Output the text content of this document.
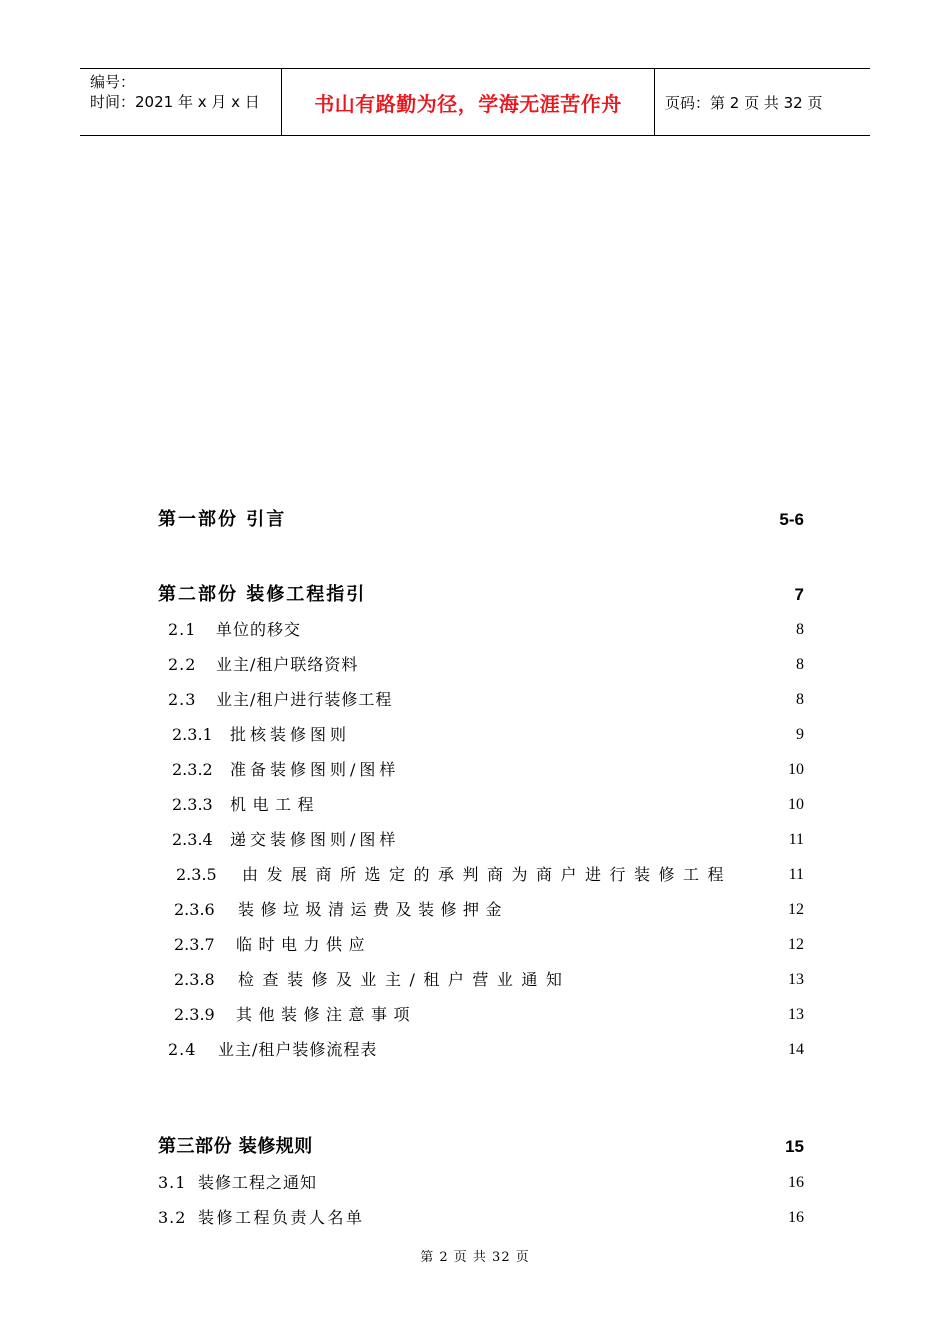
编号：
时间：2021 年 x 月 x 日	书山有路勤为径，学海无涯苦作舟	页码：第 2 页 共 32 页
第一部份 引言	5-6
第二部份 装修工程指引	7
2.1 单位的移交	8
2.2 业主/租户联络资料	8
2.3 业主/租户进行装修工程	8
2.3.1 批核装修图则	9
2.3.2 准备装修图则/图样	10
2.3.3 机电工程	10
2.3.4 递交装修图则/图样	11
2.3.5 由发展商所选定的承判商为商户进行装修工程	11
2.3.6 装修垃圾清运费及装修押金	12
2.3.7 临时电力供应	12
2.3.8 检查装修及业主/租户营业通知	13
2.3.9 其他装修注意事项	13
2.4 业主/租户装修流程表	14
第三部份 装修规则	15
3.1 装修工程之通知	16
3.2 装修工程负责人名单	16
第 2 页 共 32 页
